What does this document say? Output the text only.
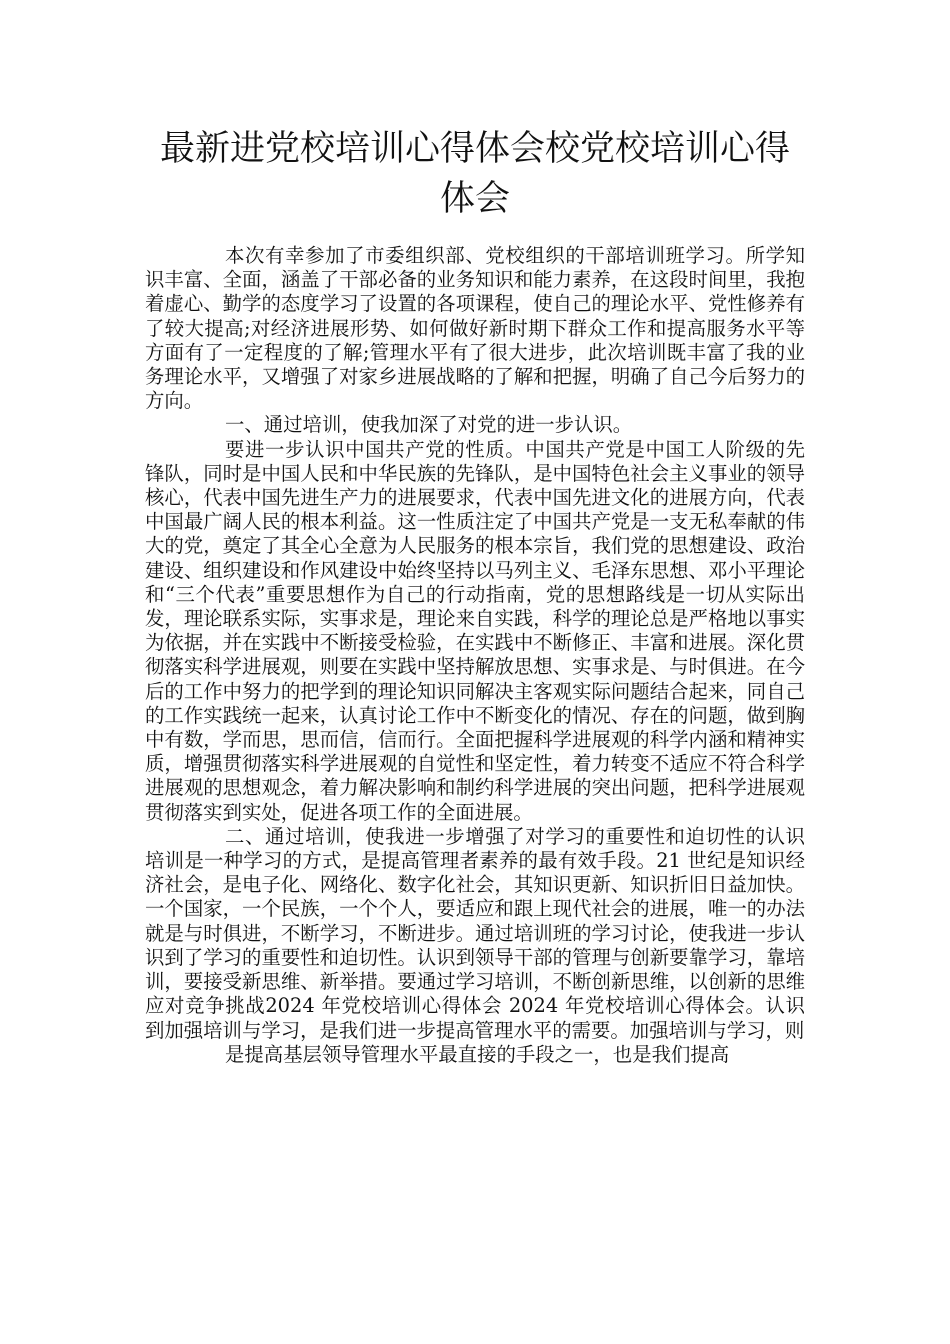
最新进党校培训心得体会校党校培训心得
体会

本次有幸参加了市委组织部、党校组织的干部培训班学习。所学知识丰富、全面，涵盖了干部必备的业务知识和能力素养，在这段时间里，我抱着虚心、勤学的态度学习了设置的各项课程，使自己的理论水平、党性修养有了较大提高;对经济进展形势、如何做好新时期下群众工作和提高服务水平等方面有了一定程度的了解;管理水平有了很大进步，此次培训既丰富了我的业务理论水平，又增强了对家乡进展战略的了解和把握，明确了自己今后努力的方向。

一、通过培训，使我加深了对党的进一步认识。

要进一步认识中国共产党的性质。中国共产党是中国工人阶级的先锋队，同时是中国人民和中华民族的先锋队，是中国特色社会主义事业的领导核心，代表中国先进生产力的进展要求，代表中国先进文化的进展方向，代表中国最广阔人民的根本利益。这一性质注定了中国共产党是一支无私奉献的伟大的党，奠定了其全心全意为人民服务的根本宗旨，我们党的思想建设、政治建设、组织建设和作风建设中始终坚持以马列主义、毛泽东思想、邓小平理论和“三个代表”重要思想作为自己的行动指南，党的思想路线是一切从实际出发，理论联系实际，实事求是，理论来自实践，科学的理论总是严格地以事实为依据，并在实践中不断接受检验，在实践中不断修正、丰富和进展。深化贯彻落实科学进展观，则要在实践中坚持解放思想、实事求是、与时俱进。在今后的工作中努力的把学到的理论知识同解决主客观实际问题结合起来，同自己的工作实践统一起来，认真讨论工作中不断变化的情况、存在的问题，做到胸中有数，学而思，思而信，信而行。全面把握科学进展观的科学内涵和精神实质，增强贯彻落实科学进展观的自觉性和坚定性，着力转变不适应不符合科学进展观的思想观念，着力解决影响和制约科学进展的突出问题，把科学进展观贯彻落实到实处，促进各项工作的全面进展。

二、通过培训，使我进一步增强了对学习的重要性和迫切性的认识　　培训是一种学习的方式，是提高管理者素养的最有效手段。21 世纪是知识经济社会，是电子化、网络化、数字化社会，其知识更新、知识折旧日益加快。一个国家，一个民族，一个个人，要适应和跟上现代社会的进展，唯一的办法就是与时俱进，不断学习，不断进步。通过培训班的学习讨论，使我进一步认识到了学习的重要性和迫切性。认识到领导干部的管理与创新要靠学习，靠培训，要接受新思维、新举措。要通过学习培训，不断创新思维，以创新的思维应对竞争挑战2024 年党校培训心得体会 2024 年党校培训心得体会。认识到加强培训与学习，是我们进一步提高管理水平的需要。加强培训与学习，则

是提高基层领导管理水平最直接的手段之一，也是我们提高
